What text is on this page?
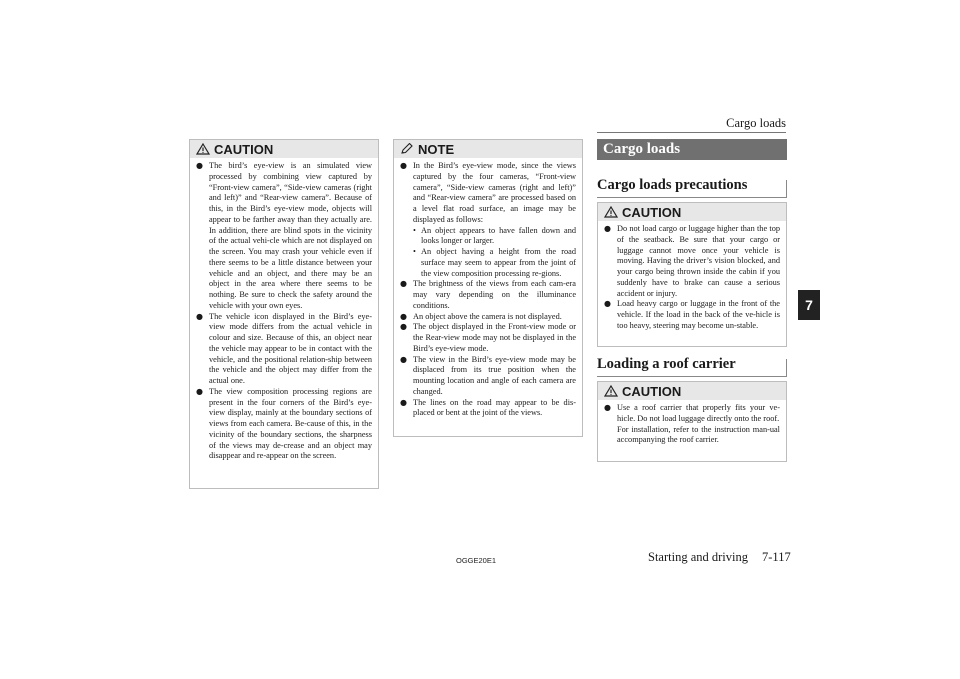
Cargo loads
7
CAUTION
● The bird’s eye-view is an simulated view processed by combining view captured by “Front-view camera”, “Side-view cameras (right and left)” and “Rear-view camera”. Because of this, in the Bird’s eye-view mode, objects will appear to be farther away than they actually are. In addition, there are blind spots in the vicinity of the actual vehi-cle which are not displayed on the screen. You may crash your vehicle even if there seems to be a little distance between your vehicle and an object, and there may be an object in the area where there seems to be nothing. Be sure to check the safety around the vehicle with your own eyes.
● The vehicle icon displayed in the Bird’s eye-view mode differs from the actual vehicle in colour and size. Because of this, an object near the vehicle may appear to be in contact with the vehicle, and the positional relation-ship between the vehicle and the object may differ from the actual one.
● The view composition processing regions are present in the four corners of the Bird’s eye-view display, mainly at the boundary sections of views from each camera. Be-cause of this, in the vicinity of the boundary sections, the sharpness of the views may de-crease and an object may disappear and re-appear on the screen.
NOTE
● In the Bird’s eye-view mode, since the views captured by the four cameras, “Front-view camera”, “Side-view cameras (right and left)” and “Rear-view camera” are processed based on a level flat road surface, an image may be displayed as follows:
• An object appears to have fallen down and looks longer or larger.
• An object having a height from the road surface may seem to appear from the joint of the view composition processing re-gions.
● The brightness of the views from each cam-era may vary depending on the illuminance conditions.
● An object above the camera is not displayed.
● The object displayed in the Front-view mode or the Rear-view mode may not be displayed in the Bird’s eye-view mode.
● The view in the Bird’s eye-view mode may be displaced from its true position when the mounting location and angle of each camera are changed.
● The lines on the road may appear to be dis-placed or bent at the joint of the views.
Cargo loads
Cargo loads precautions
CAUTION
● Do not load cargo or luggage higher than the top of the seatback. Be sure that your cargo or luggage cannot move once your vehicle is moving. Having the driver’s vision blocked, and your cargo being thrown inside the cabin if you suddenly have to brake can cause a serious accident or injury.
● Load heavy cargo or luggage in the front of the vehicle. If the load in the back of the ve-hicle is too heavy, steering may become un-stable.
Loading a roof carrier
CAUTION
● Use a roof carrier that properly fits your ve-hicle. Do not load luggage directly onto the roof.
For installation, refer to the instruction man-ual accompanying the roof carrier.
OGGE20E1	Starting and driving 7-117
